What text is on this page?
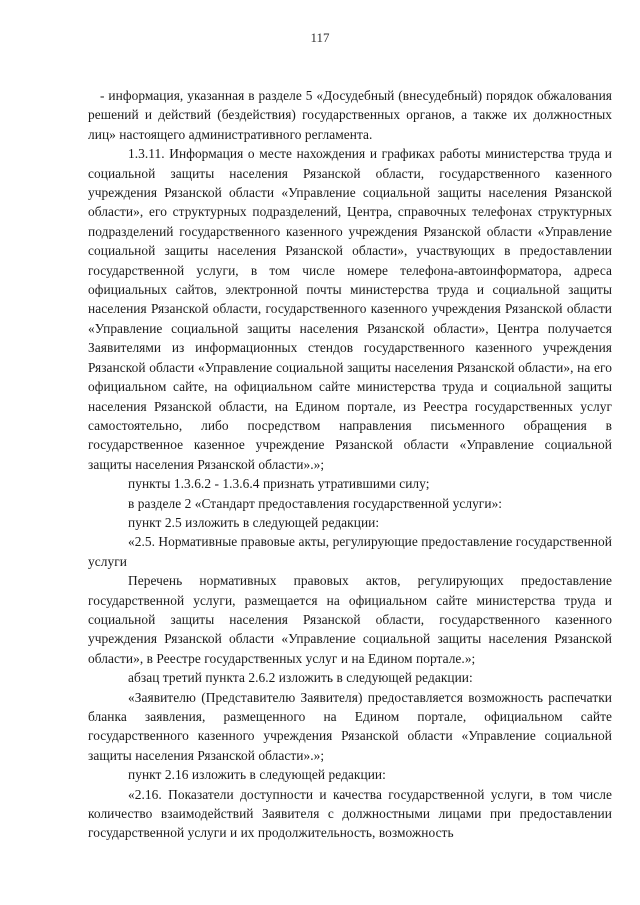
117

- информация, указанная в разделе 5 «Досудебный (внесудебный) порядок обжалования решений и действий (бездействия) государственных органов, а также их должностных лиц» настоящего административного регламента.

1.3.11. Информация о месте нахождения и графиках работы министерства труда и социальной защиты населения Рязанской области, государственного казенного учреждения Рязанской области «Управление социальной защиты населения Рязанской области», его структурных подразделений, Центра, справочных телефонах структурных подразделений государственного казенного учреждения Рязанской области «Управление социальной защиты населения Рязанской области», участвующих в предоставлении государственной услуги, в том числе номере телефона-автоинформатора, адреса официальных сайтов, электронной почты министерства труда и социальной защиты населения Рязанской области, государственного казенного учреждения Рязанской области «Управление социальной защиты населения Рязанской области», Центра получается Заявителями из информационных стендов государственного казенного учреждения Рязанской области «Управление социальной защиты населения Рязанской области», на его официальном сайте, на официальном сайте министерства труда и социальной защиты населения Рязанской области, на Едином портале, из Реестра государственных услуг самостоятельно, либо посредством направления письменного обращения в государственное казенное учреждение Рязанской области «Управление социальной защиты населения Рязанской области».»;

пункты 1.3.6.2 - 1.3.6.4 признать утратившими силу;

в разделе 2 «Стандарт предоставления государственной услуги»:

пункт 2.5 изложить в следующей редакции:

«2.5. Нормативные правовые акты, регулирующие предоставление государственной услуги

Перечень нормативных правовых актов, регулирующих предоставление государственной услуги, размещается на официальном сайте министерства труда и социальной защиты населения Рязанской области, государственного казенного учреждения Рязанской области «Управление социальной защиты населения Рязанской области», в Реестре государственных услуг и на Едином портале.»;

абзац третий пункта 2.6.2 изложить в следующей редакции:

«Заявителю (Представителю Заявителя) предоставляется возможность распечатки бланка заявления, размещенного на Едином портале, официальном сайте государственного казенного учреждения Рязанской области «Управление социальной защиты населения Рязанской области».»;

пункт 2.16 изложить в следующей редакции:

«2.16. Показатели доступности и качества государственной услуги, в том числе количество взаимодействий Заявителя с должностными лицами при предоставлении государственной услуги и их продолжительность, возможность
